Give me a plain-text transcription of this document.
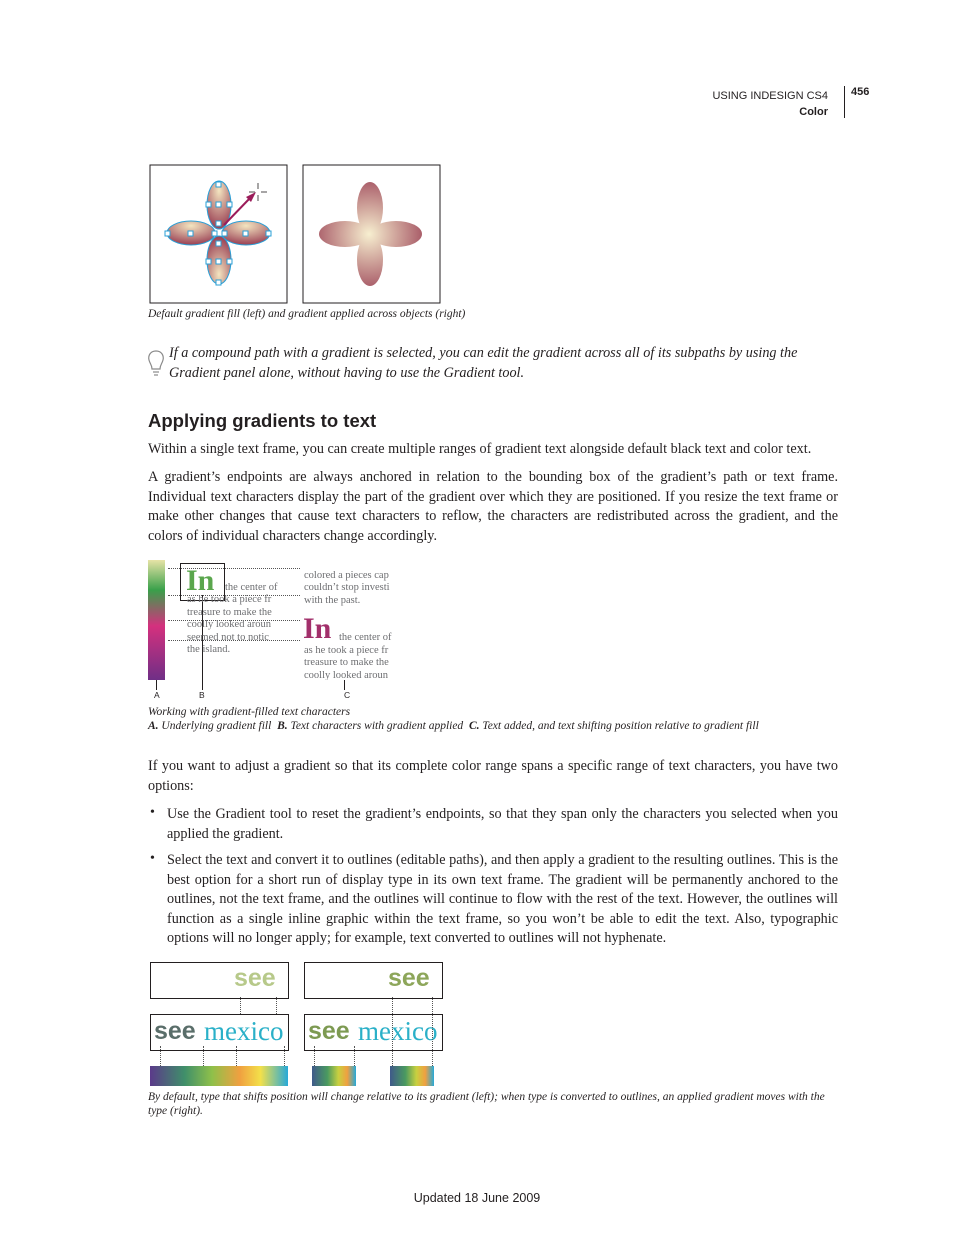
USING INDESIGN CS4
Color
456
Default gradient fill (left) and gradient applied across objects (right)
If a compound path with a gradient is selected, you can edit the gradient across all of its subpaths by using the
Gradient panel alone, without having to use the Gradient tool.
Applying gradients to text
Within a single text frame, you can create multiple ranges of gradient text alongside default black text and color text.
A gradient’s endpoints are always anchored in relation to the bounding box of the gradient’s path or text frame. Individual text characters display the part of the gradient over which they are positioned. If you resize the text frame or make other changes that cause text characters to reflow, the characters are redistributed across the gradient, and the colors of individual characters change accordingly.
In	the center of
as he took a piece fr
treasure to make the
coolly looked aroun
seemed not to notic
the island.
colored a pieces cap
couldn’t stop investi
with the past.
In the center of
as he took a piece fr
treasure to make the
coolly looked aroun
A	B	C
Working with gradient-filled text characters
A. Underlying gradient fill B. Text characters with gradient applied C. Text added, and text shifting position relative to gradient fill
If you want to adjust a gradient so that its complete color range spans a specific range of text characters, you have two options:
• Use the Gradient tool to reset the gradient’s endpoints, so that they span only the characters you selected when you applied the gradient.
• Select the text and convert it to outlines (editable paths), and then apply a gradient to the resulting outlines. This is the best option for a short run of display type in its own text frame. The gradient will be permanently anchored to the outlines, not the text frame, and the outlines will continue to flow with the rest of the text. However, the outlines will function as a single inline graphic within the text frame, so you won’t be able to edit the text. Also, typographic options will no longer apply; for example, text converted to outlines will not hyphenate.
see
see mexico
see
see mexico
By default, type that shifts position will change relative to its gradient (left); when type is converted to outlines, an applied gradient moves with the type (right).
Updated 18 June 2009
